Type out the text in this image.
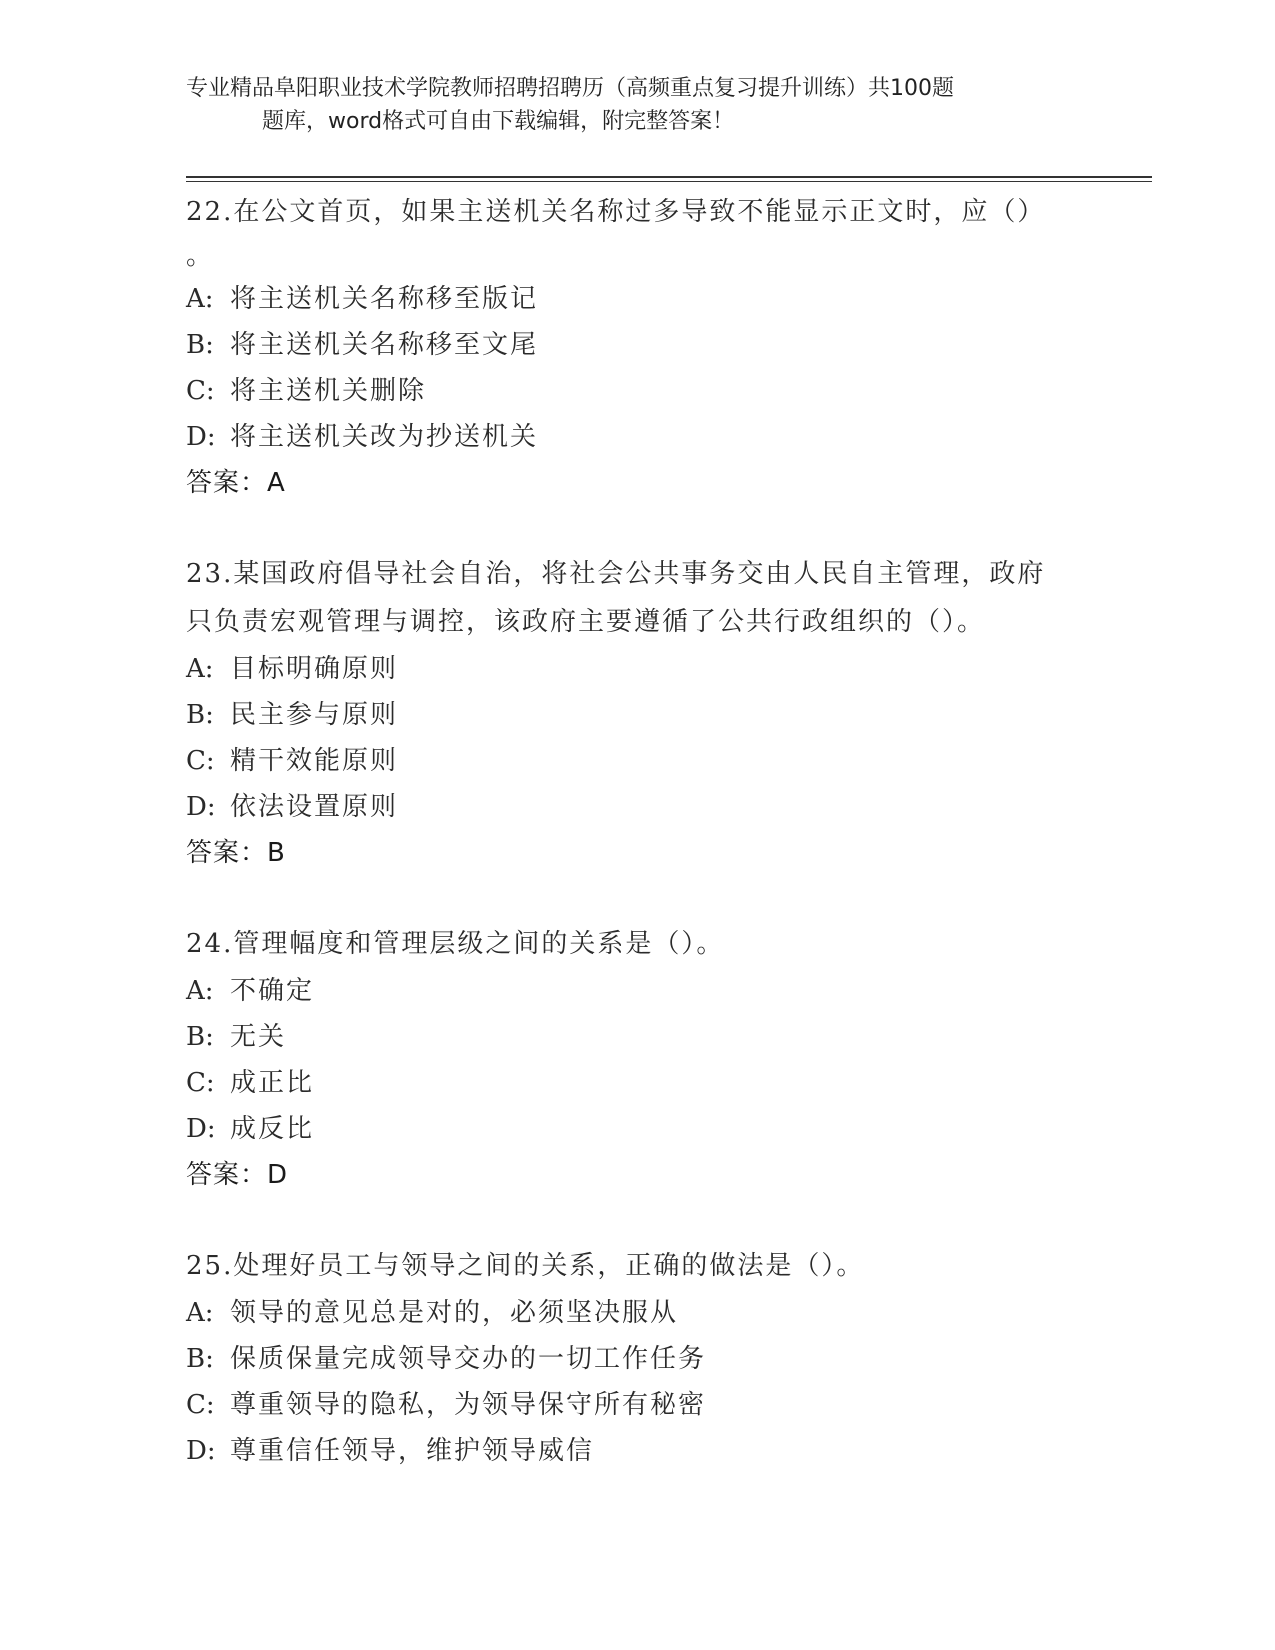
专业精品阜阳职业技术学院教师招聘招聘历（高频重点复习提升训练）共100题
题库，word格式可自由下载编辑，附完整答案！

22.在公文首页，如果主送机关名称过多导致不能显示正文时，应（）

。

A: 将主送机关名称移至版记

B: 将主送机关名称移至文尾

C: 将主送机关删除

D: 将主送机关改为抄送机关

答案：A

23.某国政府倡导社会自治，将社会公共事务交由人民自主管理，政府

只负责宏观管理与调控，该政府主要遵循了公共行政组织的（）。

A: 目标明确原则

B: 民主参与原则

C: 精干效能原则

D: 依法设置原则

答案：B

24.管理幅度和管理层级之间的关系是（）。

A: 不确定

B: 无关

C: 成正比

D: 成反比

答案：D

25.处理好员工与领导之间的关系，正确的做法是（）。

A: 领导的意见总是对的，必须坚决服从

B: 保质保量完成领导交办的一切工作任务

C: 尊重领导的隐私，为领导保守所有秘密

D: 尊重信任领导，维护领导威信
